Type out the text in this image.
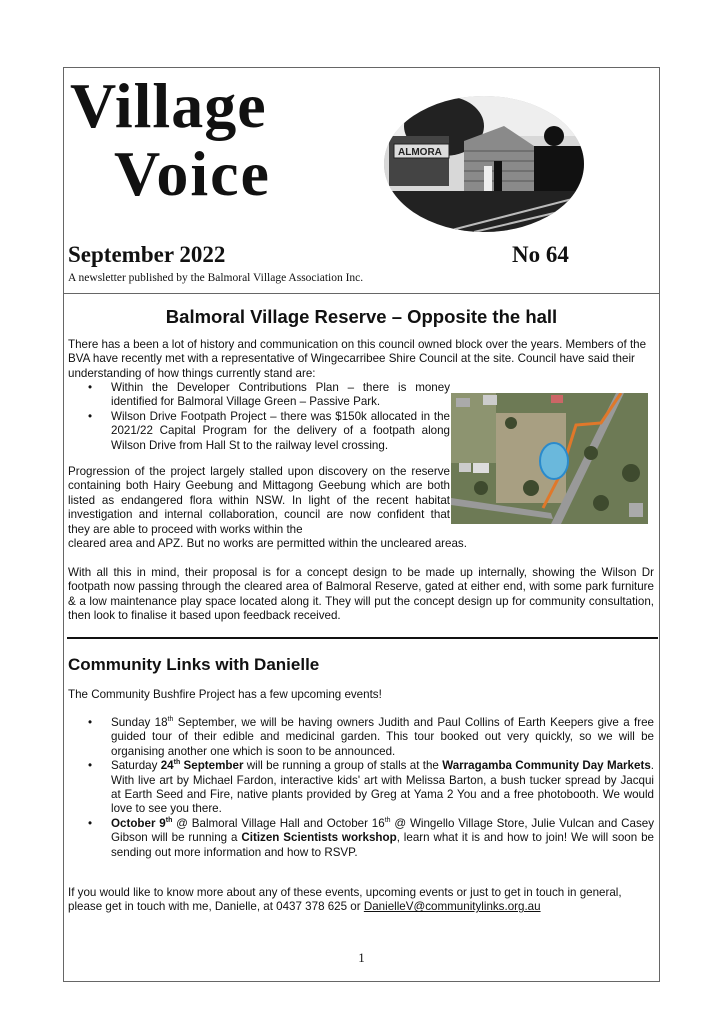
Village
Voice	ALMORA
September 2022	No 64
A newsletter published by the Balmoral Village Association Inc.
Balmoral Village Reserve – Opposite the hall

There has a been a lot of history and communication on this council owned block over the years. Members of the BVA have recently met with a representative of Wingecarribee Shire Council at the site. Council have said their understanding of how things currently stand are:

• Within the Developer Contributions Plan – there is money identified for Balmoral Village Green – Passive Park.
• Wilson Drive Footpath Project – there was $150k allocated in the 2021/22 Capital Program for the delivery of a footpath along Wilson Drive from Hall St to the railway level crossing.

Progression of the project largely stalled upon discovery on the reserve containing both Hairy Geebung and Mittagong Geebung which are both listed as endangered flora within NSW. In light of the recent habitat investigation and internal collaboration, council are now confident that they are able to proceed with works within the

cleared area and APZ. But no works are permitted within the uncleared areas.

With all this in mind, their proposal is for a concept design to be made up internally, showing the Wilson Dr footpath now passing through the cleared area of Balmoral Reserve, gated at either end, with some park furniture & a low maintenance play space located along it. They will put the concept design up for community consultation, then look to finalise it based upon feedback received.

Community Links with Danielle

The Community Bushfire Project has a few upcoming events!

• Sunday 18th September, we will be having owners Judith and Paul Collins of Earth Keepers give a free guided tour of their edible and medicinal garden. This tour booked out very quickly, so we will be organising another one which is soon to be announced.
• Saturday 24th September will be running a group of stalls at the Warragamba Community Day Markets. With live art by Michael Fardon, interactive kids' art with Melissa Barton, a bush tucker spread by Jacqui at Earth Seed and Fire, native plants provided by Greg at Yama 2 You and a free photobooth. We would love to see you there.
• October 9th @ Balmoral Village Hall and October 16th @ Wingello Village Store, Julie Vulcan and Casey Gibson will be running a Citizen Scientists workshop, learn what it is and how to join! We will soon be sending out more information and how to RSVP.

If you would like to know more about any of these events, upcoming events or just to get in touch in general, please get in touch with me, Danielle, at 0437 378 625 or DanielleV@communitylinks.org.au

1
